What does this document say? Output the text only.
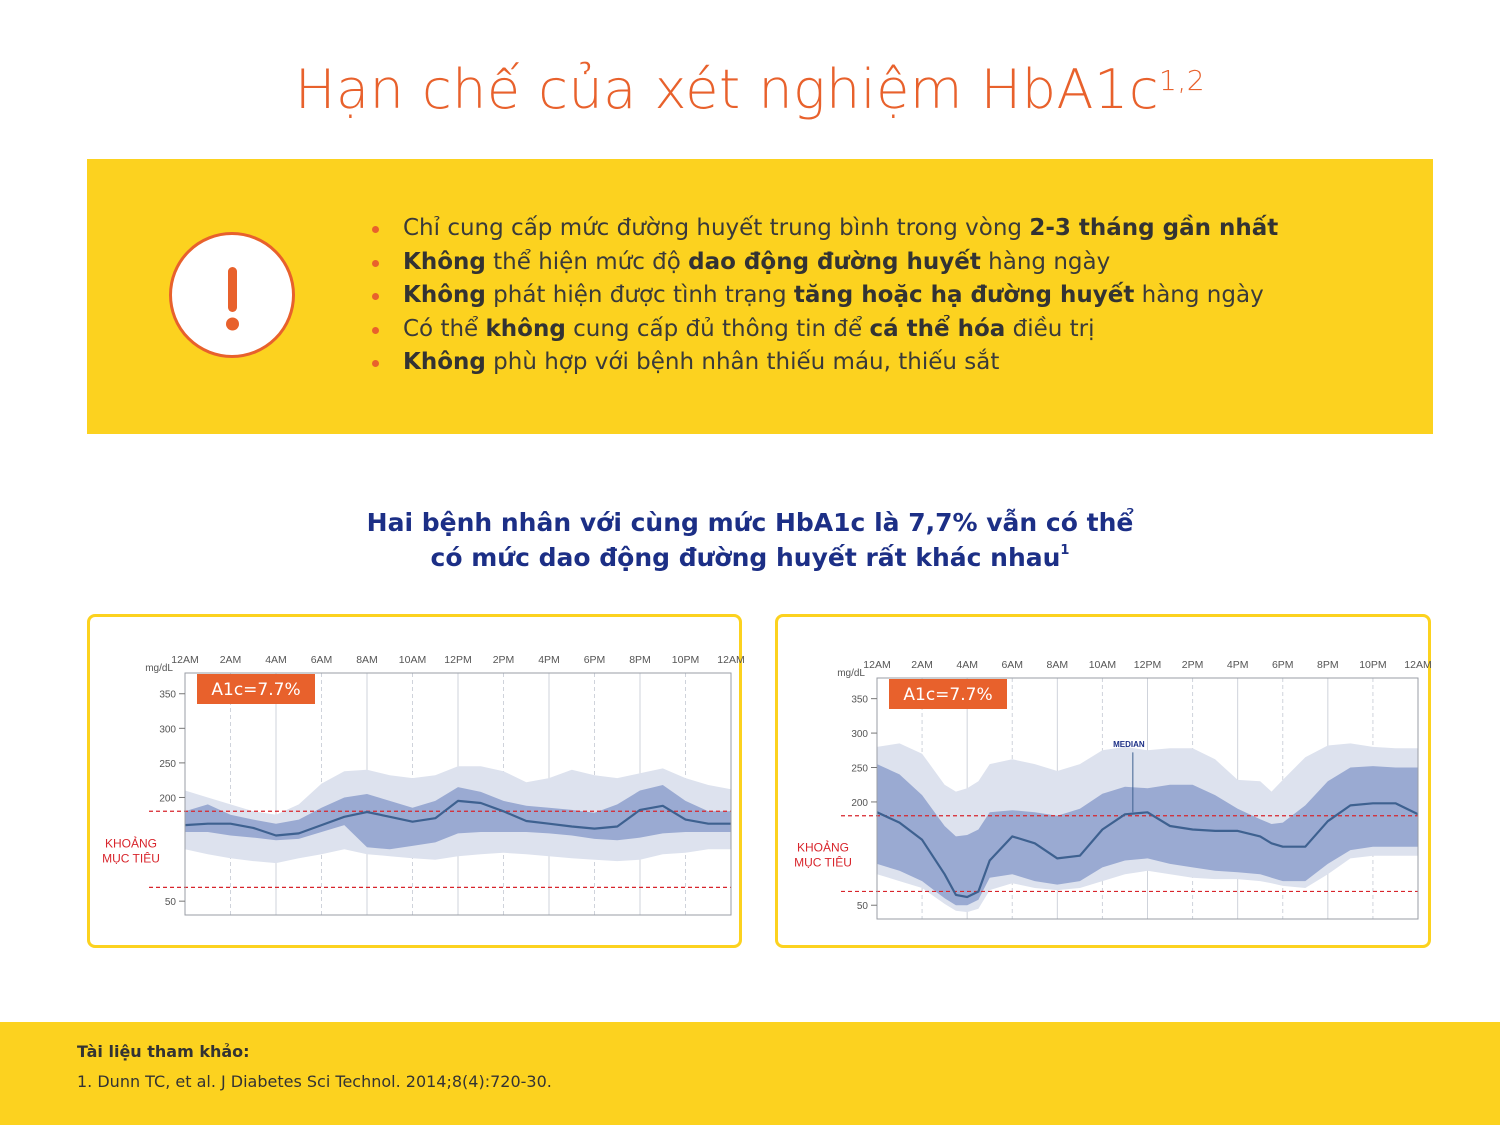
Hạn chế của xét nghiệm $HbA1c^{1,2}$
Chỉ cung cấp mức đường huyết trung bình trong vòng 2-3 tháng gần nhất
Không thể hiện mức độ dao động đường huyết hàng ngày
Không phát hiện được tình trạng tăng hoặc hạ đường huyết hàng ngày
Có thể không cung cấp đủ thông tin để cá thể hóa điều trị
Không phù hợp với bệnh nhân thiếu máu, thiếu sắt
Hai bệnh nhân với cùng mức HbA1c là 7,7% vẫn có thể
có mức dao động đường huyết rất khác nhau$^1$
50
200
250
300
350
mg/dL
12AM 2AM 4AM 6AM 8AM 10AM 12PM 2PM 4PM 6PM 8PM 10PM 12AM
KHOẢNG MỤC TIÊU
A1c=7.7%
50
200
250
300
350
mg/dL
12AM 2AM 4AM 6AM 8AM 10AM 12PM 2PM 4PM 6PM 8PM 10PM 12AM
KHOẢNG MỤC TIÊU
A1c=7.7%
MEDIAN
Tài liệu tham khảo:
1. Dunn TC, et al. J Diabetes Sci Technol. 2014;8(4):720-30.
